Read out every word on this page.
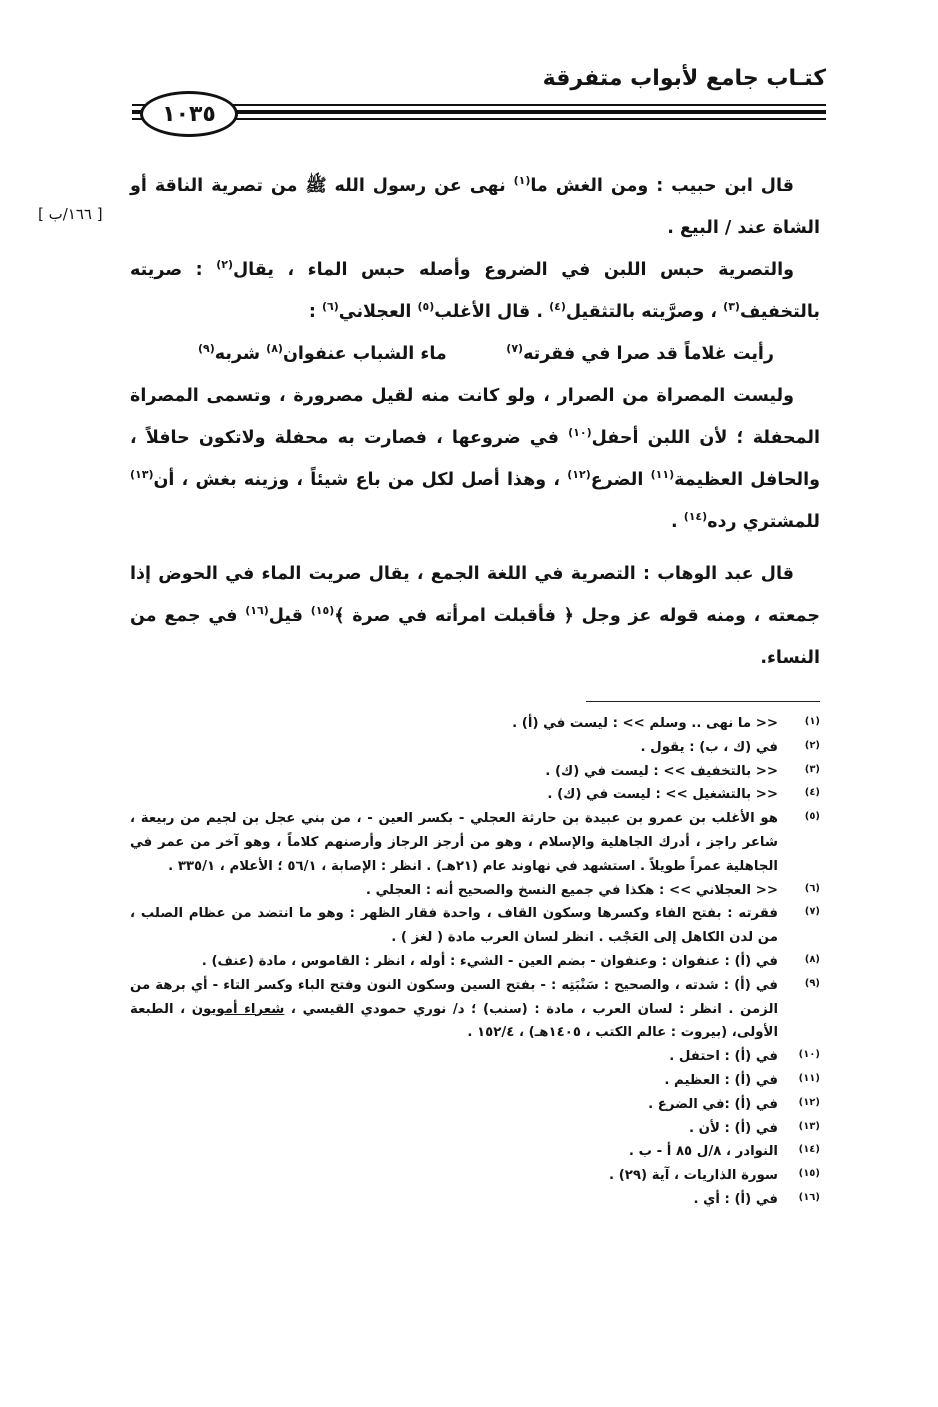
كتـاب جامع لأبواب متفرقة
١٠٣٥
[ ١٦٦/ب ]

قال ابن حبيب : ومن الغش ما$^{(١)}$ نهى عن رسول الله ﷺ من تصرية الناقة أو الشاة عند / البيع .

والتصرية حبس اللبن في الضروع وأصله حبس الماء ، يقال$^{(٢)}$ : صريته بالتخفيف$^{(٣)}$ ، وصرَّيته بالتثقيل$^{(٤)}$ . قال الأغلب$^{(٥)}$ العجلاني$^{(٦)}$ :

رأيت غلاماً قد صرا في فقرته$^{(٧)}$
ماء الشباب عنفوان$^{(٨)}$ شربه$^{(٩)}$

وليست المصراة من الصرار ، ولو كانت منه لقيل مصرورة ، وتسمى المصراة المحفلة ؛ لأن اللبن أحفل$^{(١٠)}$ في ضروعها ، فصارت به محفلة ولاتكون حافلاً ، والحافل العظيمة$^{(١١)}$ الضرع$^{(١٢)}$ ، وهذا أصل لكل من باع شيئاً ، وزينه بغش ، أن$^{(١٣)}$ للمشتري رده$^{(١٤)}$ .

قال عبد الوهاب : التصرية في اللغة الجمع ، يقال صريت الماء في الحوض إذا جمعته ، ومنه قوله عز وجل ﴿ فأقبلت امرأته في صرة ﴾$^{(١٥)}$ قيل$^{(١٦)}$ في جمع من النساء.

(١)
<< ما نهى .. وسلم >> : ليست في (أ) .
(٢)
في (ك ، ب) : يقول .
(٣)
<< بالتخفيف >> : ليست في (ك) .
(٤)
<< بالتشغيل >> : ليست في (ك) .
(٥)
هو الأغلب بن عمرو بن عبيدة بن حارثة العجلي - بكسر العين - ، من بني عجل بن لجيم من ربيعة ، شاعر راجز ، أدرك الجاهلية والإسلام ، وهو من أرجز الرجاز وأرصنهم كلاماً ، وهو آخر من عمر في الجاهلية عمراً طويلاً . استشهد في نهاوند عام (٢١هـ) . انظر : الإصابة ، ٥٦/١ ؛ الأعلام ، ٣٣٥/١ .
(٦)
<< العجلاني >> : هكذا في جميع النسخ والصحيح أنه : العجلي .
(٧)
فقرته : بفتح الفاء وكسرها وسكون القاف ، واحدة فقار الظهر : وهو ما انتضد من عظام الصلب ، من لدن الكاهل إلى العَجْب . انظر لسان العرب مادة ( لغز ) .
(٨)
في (أ) : عنفوان : وعنفوان - بضم العين - الشيء : أوله ، انظر : القاموس ، مادة (عنف) .
(٩)
في (أ) : شدته ، والصحيح : سَنْبَتِه : - بفتح السين وسكون النون وفتح الباء وكسر التاء - أي برهة من الزمن . انظر : لسان العرب ، مادة : (سنب) ؛ د/ نوري حمودي القيسي ، شعراء أمويون ، الطبعة الأولى، (بيروت : عالم الكتب ، ١٤٠٥هـ) ، ١٥٢/٤ .
(١٠)
في (أ) : احتفل .
(١١)
في (أ) : العظيم .
(١٢)
في (أ) :في الضرع .
(١٣)
في (أ) : لأن .
(١٤)
النوادر ، ٨/ل ٨٥ أ - ب .
(١٥)
سورة الذاريات ، آية (٢٩) .
(١٦)
في (أ) : أي .
